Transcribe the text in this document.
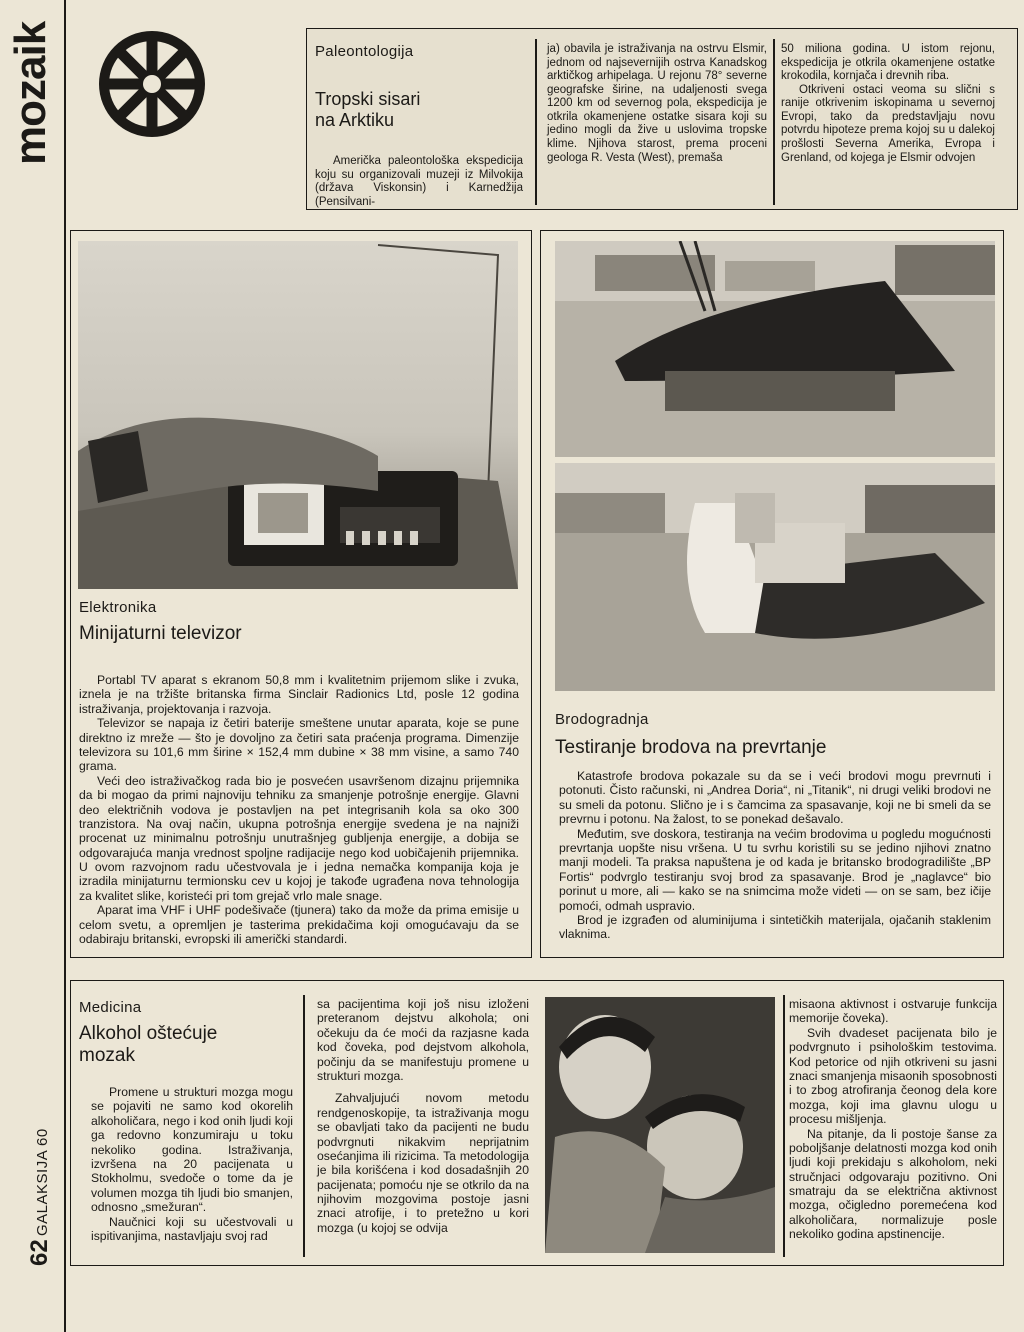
mozaik	Paleontologija
Tropski sisari
na Arktiku

Američka paleontološka ekspedicija koju su organizovali muzeji iz Milvokija (država Viskonsin) i Karnedžija (Pensilvani-

ja) obavila je istraživanja na ostrvu Elsmir, jednom od najsevernijih ostrva Kanadskog arktičkog arhipelaga. U rejonu 78° severne geografske širine, na udaljenosti svega 1200 km od severnog pola, ekspedicija je otkrila okamenjene ostatke sisara koji su jedino mogli da žive u uslovima tropske klime. Njihova starost, prema proceni geologa R. Vesta (West), premaša

50 miliona godina. U istom rejonu, ekspedicija je otkrila okamenjene ostatke krokodila, kornjača i drevnih riba.

Otkriveni ostaci veoma su slični s ranije otkrivenim iskopinama u severnoj Evropi, tako da predstavljaju novu potvrdu hipoteze prema kojoj su u dalekoj prošlosti Severna Amerika, Evropa i Grenland, od kojega je Elsmir odvojen

Elektronika
Minijaturni televizor

Portabl TV aparat s ekranom 50,8 mm i kvalitetnim prijemom slike i zvuka, iznela je na tržište britanska firma Sinclair Radionics Ltd, posle 12 godina istraživanja, projektovanja i razvoja.

Televizor se napaja iz četiri baterije smeštene unutar aparata, koje se pune direktno iz mreže — što je dovoljno za četiri sata praćenja programa. Dimenzije televizora su 101,6 mm širine × 152,4 mm dubine × 38 mm visine, a samo 740 grama.

Veći deo istraživačkog rada bio je posvećen usavršenom dizajnu prijemnika da bi mogao da primi najnoviju tehniku za smanjenje potrošnje energije. Glavni deo električnih vodova je postavljen na pet integrisanih kola sa oko 300 tranzistora. Na ovaj način, ukupna potrošnja energije svedena je na najniži procenat uz minimalnu potrošnju unutrašnjeg gubljenja energije, a dobija se odgovarajuća manja vrednost spoljne radijacije nego kod uobičajenih prijemnika. U ovom razvojnom radu učestvovala je i jedna nemačka kompanija koja je izradila minijaturnu termionsku cev u kojoj je takođe ugrađena nova tehnologija za kvalitet slike, koristeći pri tom grejač vrlo male snage.

Aparat ima VHF i UHF podešivače (tjunera) tako da može da prima emisije u celom svetu, a opremljen je tasterima prekidačima koji omogućavaju da se odabiraju britanski, evropski ili američki standardi.

Brodogradnja
Testiranje brodova na prevrtanje

Katastrofe brodova pokazale su da se i veći brodovi mogu prevrnuti i potonuti. Čisto računski, ni „Andrea Doria“, ni „Titanik“, ni drugi veliki brodovi ne su smeli da potonu. Slično je i s čamcima za spasavanje, koji ne bi smeli da se prevrnu i potonu. Na žalost, to se ponekad dešavalo.

Međutim, sve doskora, testiranja na većim brodovima u pogledu mogućnosti prevrtanja uopšte nisu vršena. U tu svrhu koristili su se jedino njihovi znatno manji modeli. Ta praksa napuštena je od kada je britansko brodogradilište „BP Fortis“ podvrglo testiranju svoj brod za spasavanje. Brod je „naglavce“ bio porinut u more, ali — kako se na snimcima može videti — on se sam, bez ičije pomoći, odmah uspravio.

Brod je izgrađen od aluminijuma i sintetičkih materijala, ojačanih staklenim vlaknima.

Medicina
Alkohol oštećuje
mozak

Promene u strukturi mozga mogu se pojaviti ne samo kod okorelih alkoholičara, nego i kod onih ljudi koji ga redovno konzumiraju u toku nekoliko godina. Istraživanja, izvršena na 20 pacijenata u Stokholmu, svedoče o tome da je volumen mozga tih ljudi bio smanjen, odnosno „smežuran“.

Naučnici koji su učestvovali u ispitivanjima, nastavljaju svoj rad

sa pacijentima koji još nisu izloženi preteranom dejstvu alkohola; oni očekuju da će moći da razjasne kada kod čoveka, pod dejstvom alkohola, počinju da se manifestuju promene u strukturi mozga.

Zahvaljujući novom metodu rendgenoskopije, ta istraživanja mogu se obavljati tako da pacijenti ne budu podvrgnuti nikakvim neprijatnim osećanjima ili rizicima. Ta metodologija je bila korišćena i kod dosadašnjih 20 pacijenata; pomoću nje se otkrilo da na njihovim mozgovima postoje jasni znaci atrofije, i to pretežno u kori mozga (u kojoj se odvija

misaona aktivnost i ostvaruje funkcija memorije čoveka).

Svih dvadeset pacijenata bilo je podvrgnuto i psihološkim testovima. Kod petorice od njih otkriveni su jasni znaci smanjenja misaonih sposobnosti i to zbog atrofiranja čeonog dela kore mozga, koji ima glavnu ulogu u procesu mišljenja.

Na pitanje, da li postoje šanse za poboljšanje delatnosti mozga kod onih ljudi koji prekidaju s alkoholom, neki stručnjaci odgovaraju pozitivno. Oni smatraju da se električna aktivnost mozga, očigledno poremećena kod alkoholičara, normalizuje posle nekoliko godina apstinencije.

GALAKSIJA 60
62
